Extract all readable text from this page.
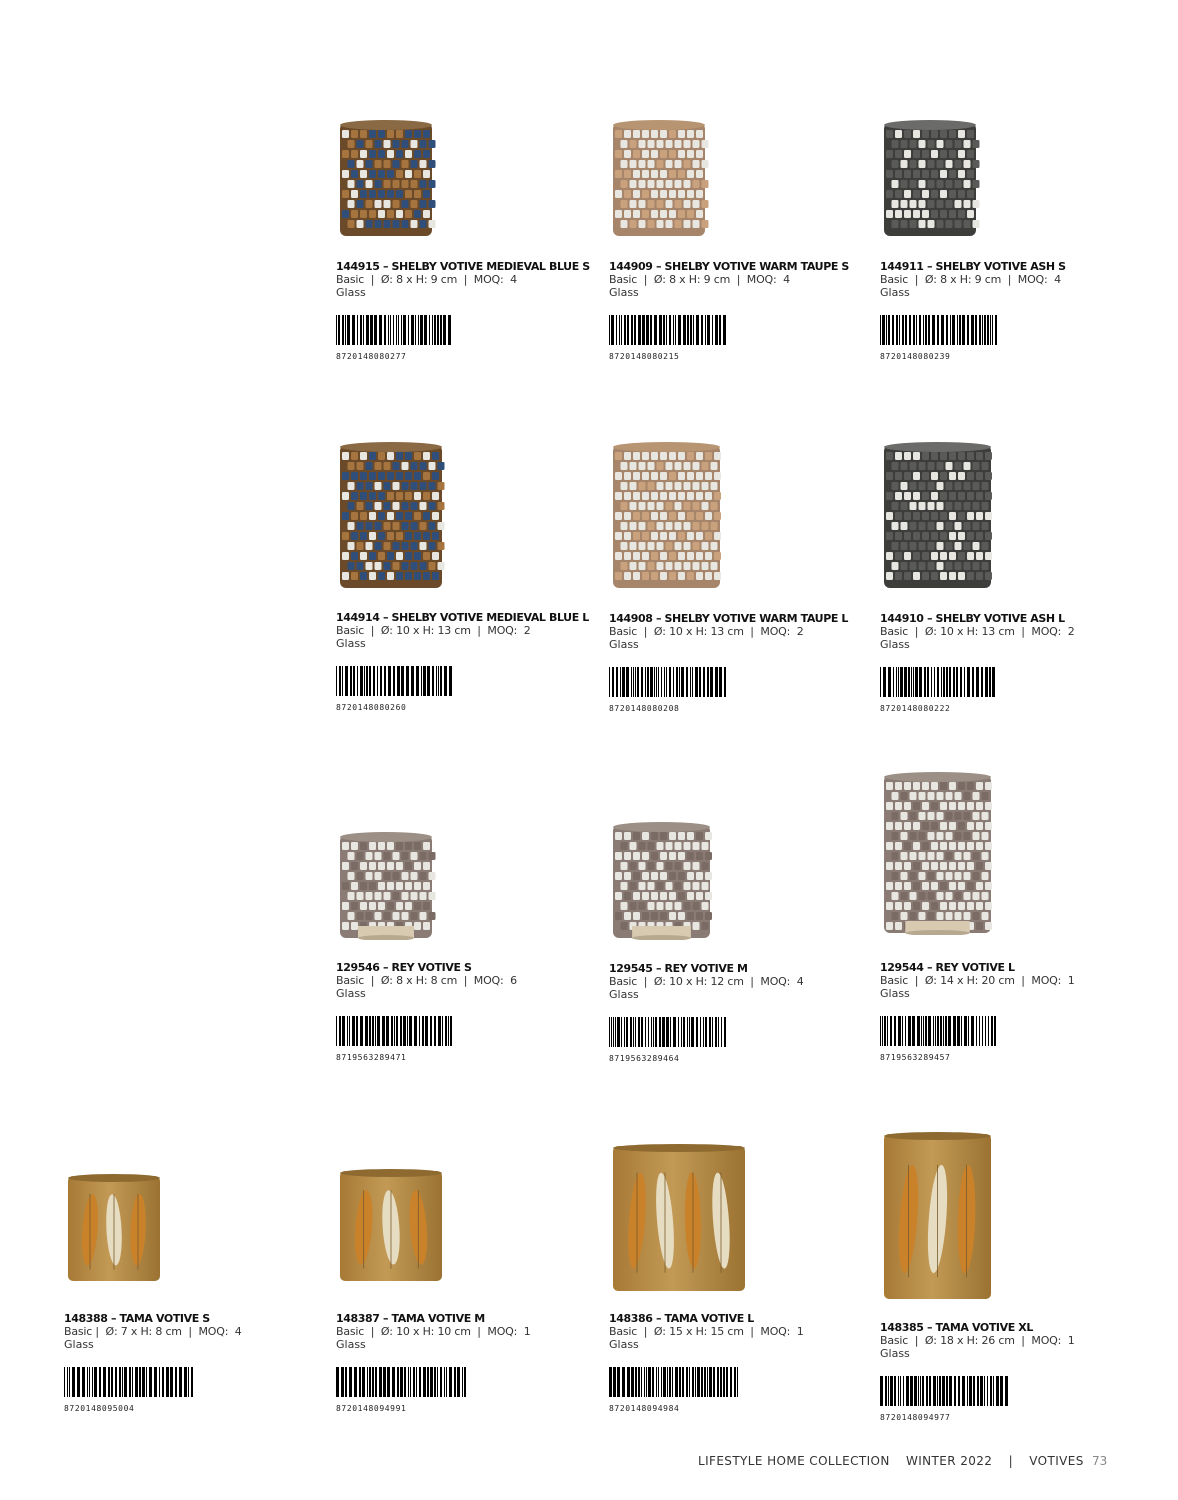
144915 – SHELBY VOTIVE MEDIEVAL BLUE S
Basic  |  Ø: 8 x H: 9 cm  |  MOQ:  4
Glass
8720148080277
144909 – SHELBY VOTIVE WARM TAUPE S
Basic  |  Ø: 8 x H: 9 cm  |  MOQ:  4
Glass
8720148080215
144911 – SHELBY VOTIVE ASH S
Basic  |  Ø: 8 x H: 9 cm  |  MOQ:  4
Glass
8720148080239
144914 – SHELBY VOTIVE MEDIEVAL BLUE L
Basic  |  Ø: 10 x H: 13 cm  |  MOQ:  2
Glass
8720148080260
144908 – SHELBY VOTIVE WARM TAUPE L
Basic  |  Ø: 10 x H: 13 cm  |  MOQ:  2
Glass
8720148080208
144910 – SHELBY VOTIVE ASH L
Basic  |  Ø: 10 x H: 13 cm  |  MOQ:  2
Glass
8720148080222
129546 – REY VOTIVE S
Basic  |  Ø: 8 x H: 8 cm  |  MOQ:  6
Glass
8719563289471
129545 – REY VOTIVE M
Basic  |  Ø: 10 x H: 12 cm  |  MOQ:  4
Glass
8719563289464
129544 – REY VOTIVE L
Basic  |  Ø: 14 x H: 20 cm  |  MOQ:  1
Glass
8719563289457
148388 – TAMA VOTIVE S
Basic |  Ø: 7 x H: 8 cm  |  MOQ:  4
Glass
8720148095004
148387 – TAMA VOTIVE M
Basic  |  Ø: 10 x H: 10 cm  |  MOQ:  1
Glass
8720148094991
148386 – TAMA VOTIVE L
Basic  |  Ø: 15 x H: 15 cm  |  MOQ:  1
Glass
8720148094984
148385 – TAMA VOTIVE XL
Basic  |  Ø: 18 x H: 26 cm  |  MOQ:  1
Glass
8720148094977
LIFESTYLE HOME COLLECTION WINTER 2022 | VOTIVES 73
